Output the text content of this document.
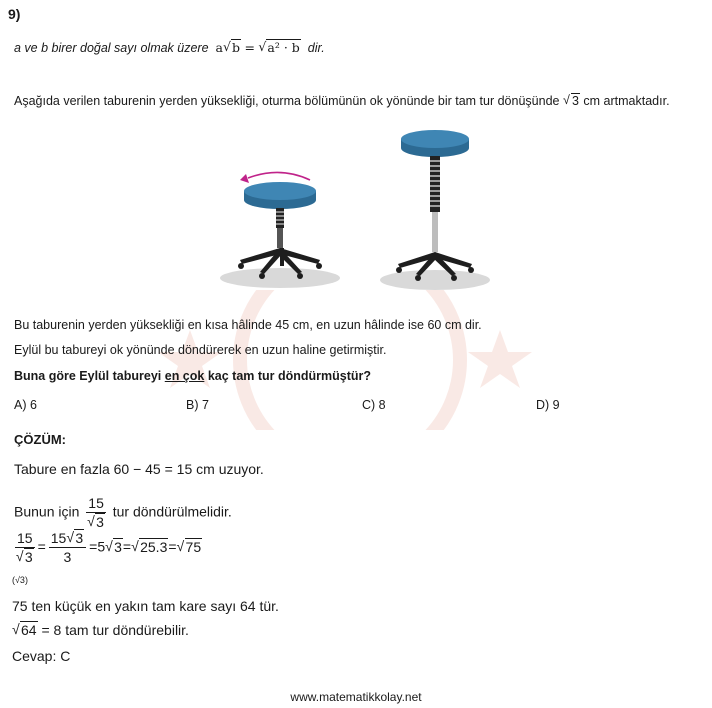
9)
a ve b birer doğal sayı olmak üzere a √ b = √ a² · b dir.
Aşağıda verilen taburenin yerden yüksekliği, oturma bölümünün ok yönünde bir tam tur dönüşünde √ 3 cm artmaktadır.
Bu taburenin yerden yüksekliği en kısa hâlinde 45 cm, en uzun hâlinde ise 60 cm dir.
Eylül bu tabureyi ok yönünde döndürerek en uzun haline getirmiştir.
Buna göre Eylül tabureyi en çok kaç tam tur döndürmüştür?
A) 6	B) 7	C) 8	D) 9
ÇÖZÜM:
Tabure en fazla 60 − 45 = 15 cm uzuyor.
Bunun için $\frac{15}{√ 3}$ tur döndürülmelidir.
$\frac{15}{√ 3} = \frac{15 √ 3}{3} =5$ √ 3= √ 25.3= √ 75
(√3)
75 ten küçük en yakın tam kare sayı 64 tür.
√ 64 = 8 tam tur döndürebilir.
Cevap: C
www.matematikkolay.net
